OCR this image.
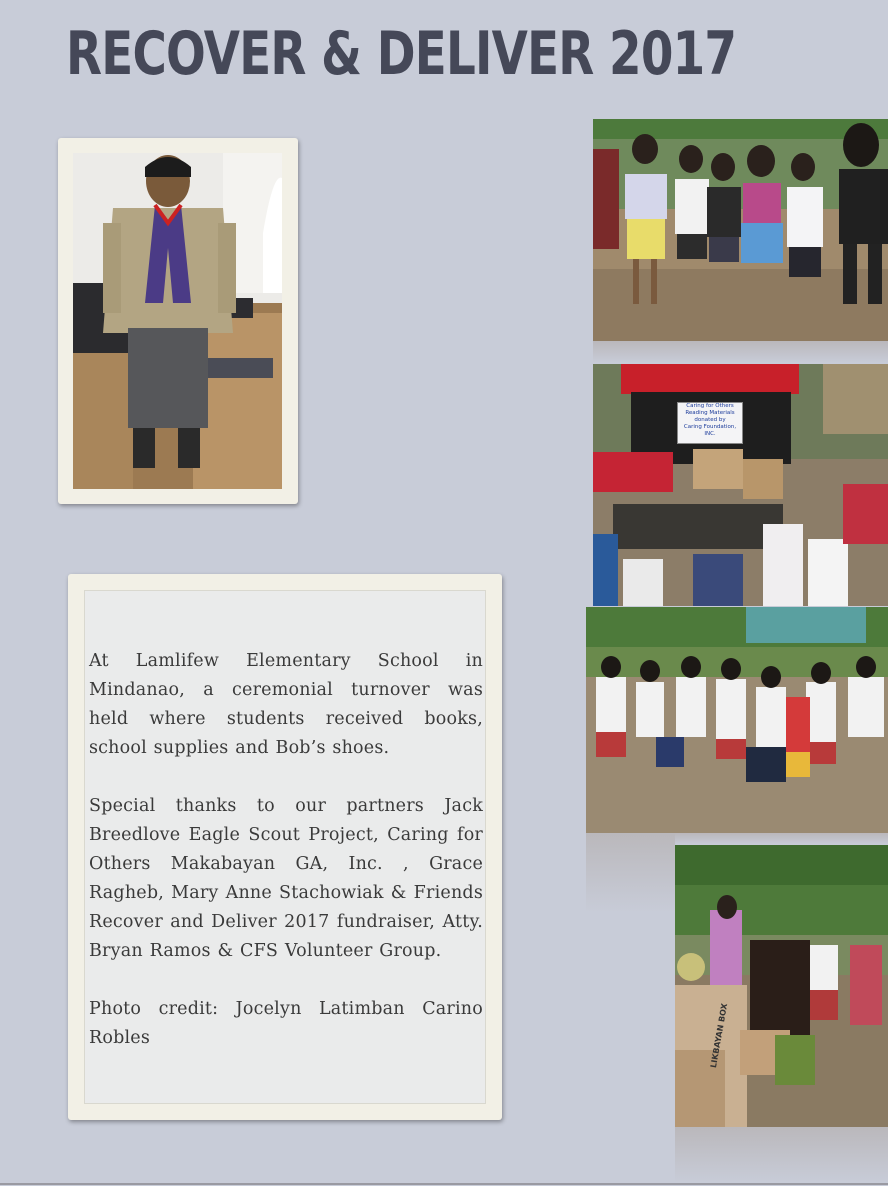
RECOVER & DELIVER 2017

At Lamlifew Elementary School in Mindanao, a ceremonial turnover was held where students received books, school supplies and Bob’s shoes.

Special thanks to our partners Jack Breedlove Eagle Scout Project, Caring for Others Makabayan GA, Inc. , Grace Ragheb, Mary Anne Stachowiak & Friends Recover and Deliver 2017 fundraiser, Atty. Bryan Ramos & CFS Volunteer Group.

Photo credit: Jocelyn Latimban Carino Robles

Caring for Others
Reading Materials
donated by
Caring Foundation, INC.
LIKBAYAN BOX
